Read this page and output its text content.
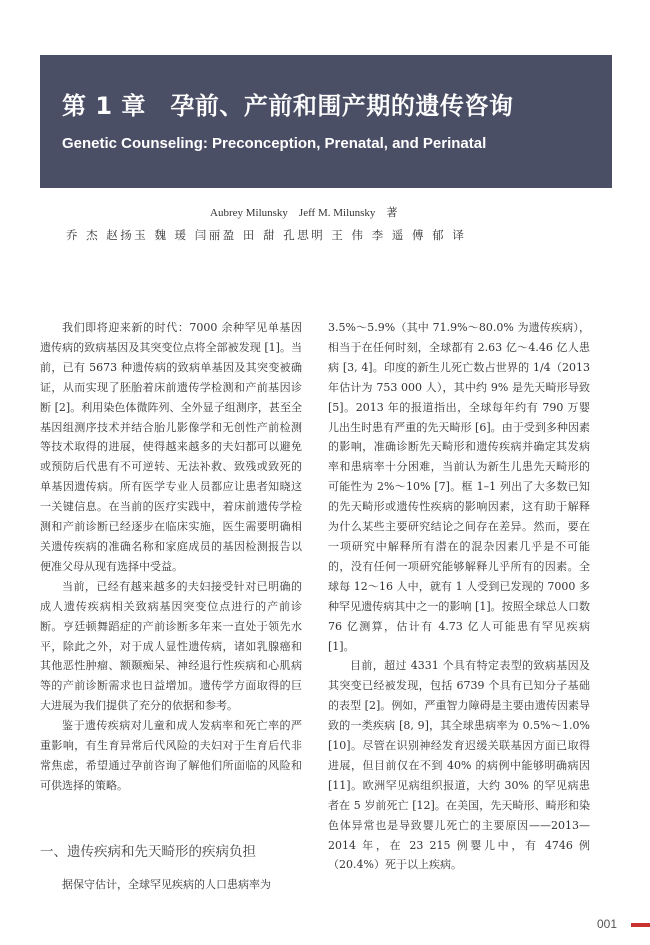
第 1 章　孕前、产前和围产期的遗传咨询
Genetic Counseling: Preconception, Prenatal, and Perinatal
Aubrey Milunsky　Jeff M. Milunsky　著
乔 杰 赵扬玉 魏 瑗 闫丽盈 田 甜 孔思明 王 伟 李 遥 傅 郁 译

我们即将迎来新的时代：7000 余种罕见单基因遗传病的致病基因及其突变位点将全部被发现 [1]。当前，已有 5673 种遗传病的致病单基因及其突变被确证，从而实现了胚胎着床前遗传学检测和产前基因诊断 [2]。利用染色体微阵列、全外显子组测序，甚至全基因组测序技术并结合胎儿影像学和无创性产前检测等技术取得的进展，使得越来越多的夫妇都可以避免或预防后代患有不可逆转、无法补救、致残或致死的单基因遗传病。所有医学专业人员都应让患者知晓这一关键信息。在当前的医疗实践中，着床前遗传学检测和产前诊断已经逐步在临床实施，医生需要明确相关遗传疾病的准确名称和家庭成员的基因检测报告以便准父母从现有选择中受益。

当前，已经有越来越多的夫妇接受针对已明确的成人遗传疾病相关致病基因突变位点进行的产前诊断。亨廷顿舞蹈症的产前诊断多年来一直处于领先水平，除此之外，对于成人显性遗传病，诸如乳腺癌和其他恶性肿瘤、额颞痴呆、神经退行性疾病和心肌病等的产前诊断需求也日益增加。遗传学方面取得的巨大进展为我们提供了充分的依据和参考。

鉴于遗传疾病对儿童和成人发病率和死亡率的严重影响，有生育异常后代风险的夫妇对于生育后代非常焦虑，希望通过孕前咨询了解他们所面临的风险和可供选择的策略。

一、遗传疾病和先天畸形的疾病负担

据保守估计，全球罕见疾病的人口患病率为

3.5%～5.9%（其中 71.9%～80.0% 为遗传疾病），相当于在任何时刻，全球都有 2.63 亿～4.46 亿人患病 [3, 4]。印度的新生儿死亡数占世界的 1/4（2013 年估计为 753 000 人），其中约 9% 是先天畸形导致 [5]。2013 年的报道指出，全球每年约有 790 万婴儿出生时患有严重的先天畸形 [6]。由于受到多种因素的影响，准确诊断先天畸形和遗传疾病并确定其发病率和患病率十分困难，当前认为新生儿患先天畸形的可能性为 2%～10% [7]。框 1–1 列出了大多数已知的先天畸形或遗传性疾病的影响因素，这有助于解释为什么某些主要研究结论之间存在差异。然而，要在一项研究中解释所有潜在的混杂因素几乎是不可能的，没有任何一项研究能够解释儿乎所有的因素。全球每 12～16 人中，就有 1 人受到已发现的 7000 多种罕见遗传病其中之一的影响 [1]。按照全球总人口数 76 亿测算，估计有 4.73 亿人可能患有罕见疾病 [1]。

目前，超过 4331 个具有特定表型的致病基因及其突变已经被发现，包括 6739 个具有已知分子基础的表型 [2]。例如，严重智力障碍是主要由遗传因素导致的一类疾病 [8, 9]，其全球患病率为 0.5%～1.0% [10]。尽管在识别神经发育迟缓关联基因方面已取得进展，但目前仅在不到 40% 的病例中能够明确病因 [11]。欧洲罕见病组织报道，大约 30% 的罕见病患者在 5 岁前死亡 [12]。在美国，先天畸形、畸形和染色体异常也是导致婴儿死亡的主要原因——2013—2014 年，在 23 215 例婴儿中，有 4746 例（20.4%）死于以上疾病。

001
